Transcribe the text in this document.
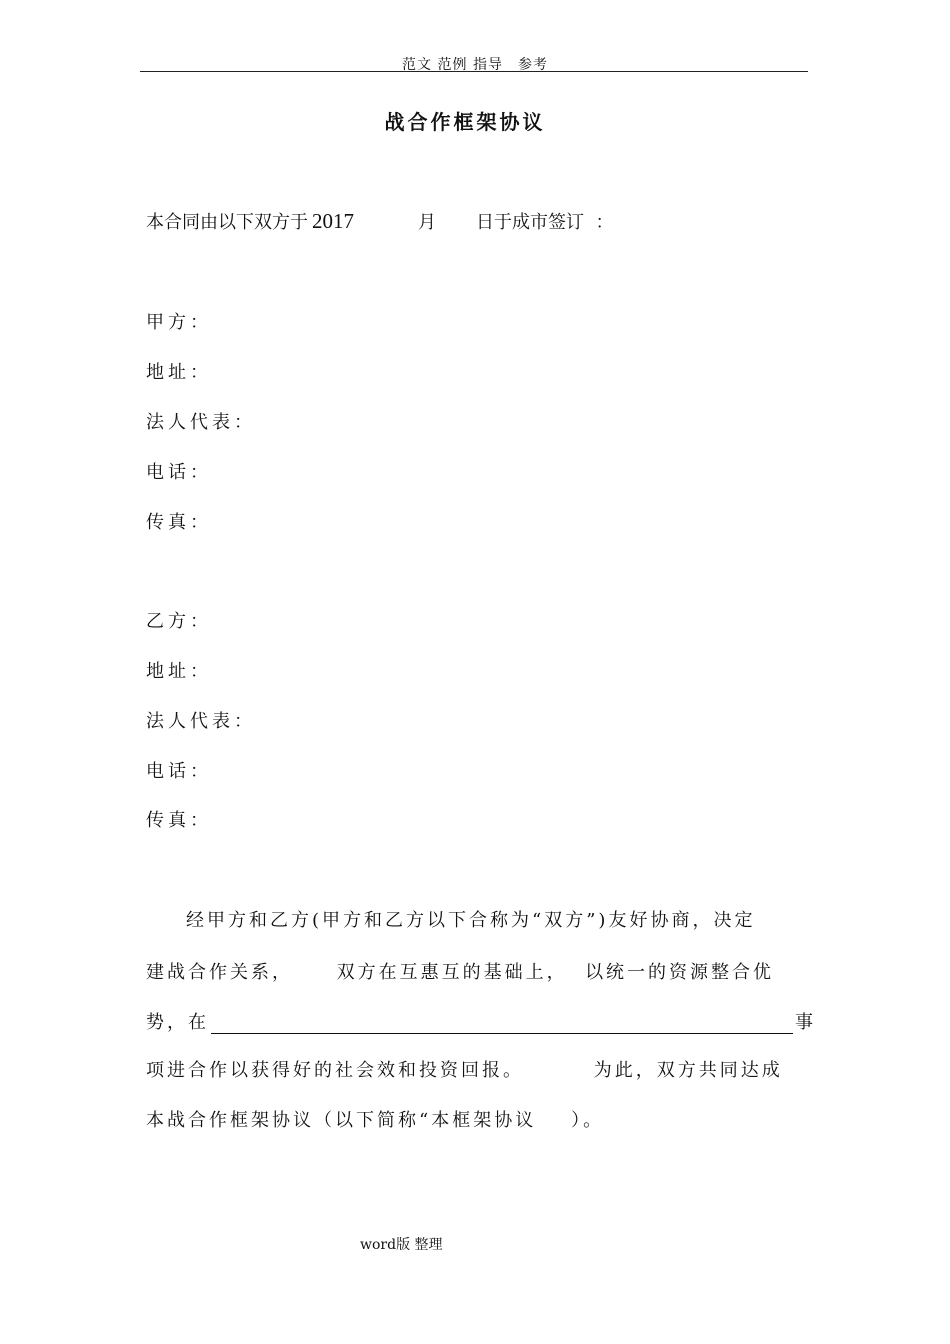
范文 范例 指导　参考
战合作框架协议
本合同由以下双方于 2017	月 日于成市签订 ：
甲方：
地址：
法人代表：
电话：
传真：
乙方：
地址：
法人代表：
电话：
传真：
经甲方和乙方(甲方和乙方以下合称为“双方”)友好协商，决定
建战合作关系， 双方在互惠互的基础上， 以统一的资源整合优
势，在	事
项进合作以获得好的社会效和投资回报。	为此，双方共同达成
本战合作框架协议（以下简称“本框架协议 ）。
word版 整理
